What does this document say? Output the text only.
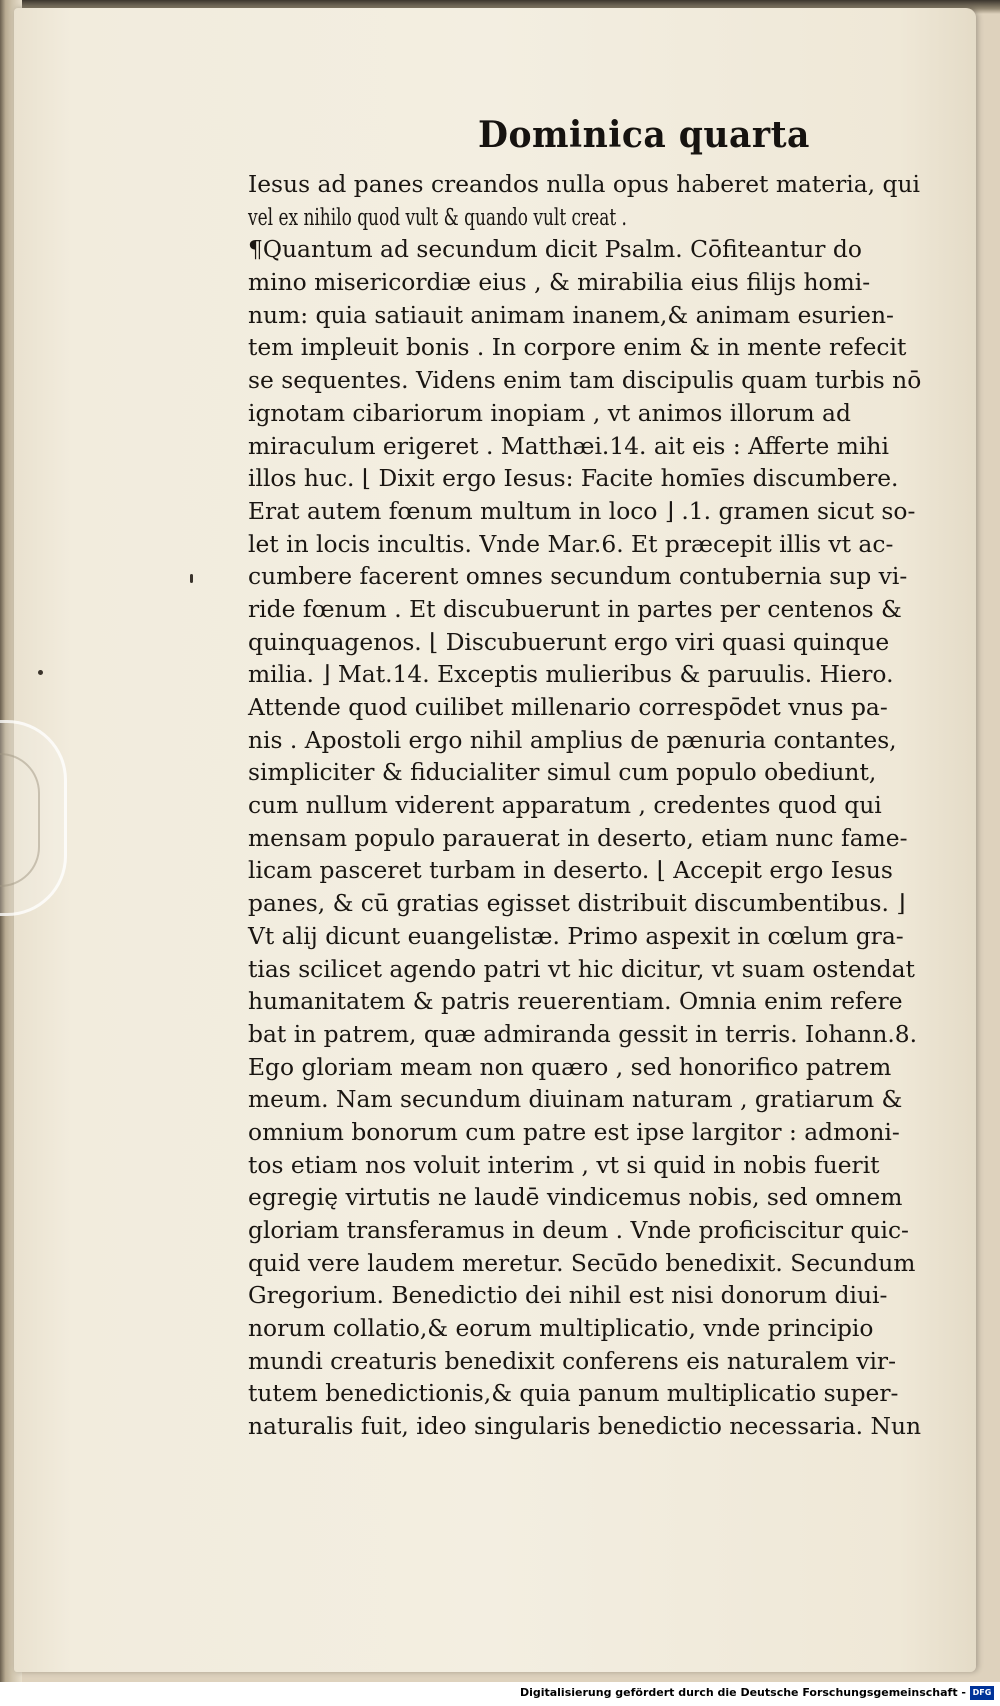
Dominica quarta
Iesus ad panes creandos nulla opus haberet materia, qui
vel ex nihilo quod vult & quando vult creat .
¶Quantum ad secundum dicit Psalm. Cōfiteantur do
mino misericordiæ eius , & mirabilia eius filijs homi-
num: quia satiauit animam inanem,& animam esurien-
tem impleuit bonis . In corpore enim & in mente refecit
se sequentes. Videns enim tam discipulis quam turbis nō
ignotam cibariorum inopiam , vt animos illorum ad
miraculum erigeret . Matthæi.14. ait eis : Afferte mihi
illos huc. ⌊ Dixit ergo Iesus: Facite homīes discumbere.
Erat autem fœnum multum in loco ⌋ .1. gramen sicut so-
let in locis incultis. Vnde Mar.6. Et præcepit illis vt ac-
cumbere facerent omnes secundum contubernia sup vi-
ride fœnum . Et discubuerunt in partes per centenos &
quinquagenos. ⌊ Discubuerunt ergo viri quasi quinque
milia. ⌋ Mat.14. Exceptis mulieribus & paruulis. Hiero.
Attende quod cuilibet millenario correspōdet vnus pa-
nis . Apostoli ergo nihil amplius de pænuria contantes,
simpliciter & fiducialiter simul cum populo obediunt,
cum nullum viderent apparatum , credentes quod qui
mensam populo parauerat in deserto, etiam nunc fame-
licam pasceret turbam in deserto. ⌊ Accepit ergo Iesus
panes, & cū gratias egisset distribuit discumbentibus. ⌋
Vt alij dicunt euangelistæ. Primo aspexit in cœlum gra-
tias scilicet agendo patri vt hic dicitur, vt suam ostendat
humanitatem & patris reuerentiam. Omnia enim refere
bat in patrem, quæ admiranda gessit in terris. Iohann.8.
Ego gloriam meam non quæro , sed honorifico patrem
meum. Nam secundum diuinam naturam , gratiarum &
omnium bonorum cum patre est ipse largitor : admoni-
tos etiam nos voluit interim , vt si quid in nobis fuerit
egregię virtutis ne laudē vindicemus nobis, sed omnem
gloriam transferamus in deum . Vnde proficiscitur quic-
quid vere laudem meretur. Secūdo benedixit. Secundum
Gregorium. Benedictio dei nihil est nisi donorum diui-
norum collatio,& eorum multiplicatio, vnde principio
mundi creaturis benedixit conferens eis naturalem vir-
tutem benedictionis,& quia panum multiplicatio super-
naturalis fuit, ideo singularis benedictio necessaria. Nun
Digitalisierung gefördert durch die Deutsche Forschungsgemeinschaft - DFG
